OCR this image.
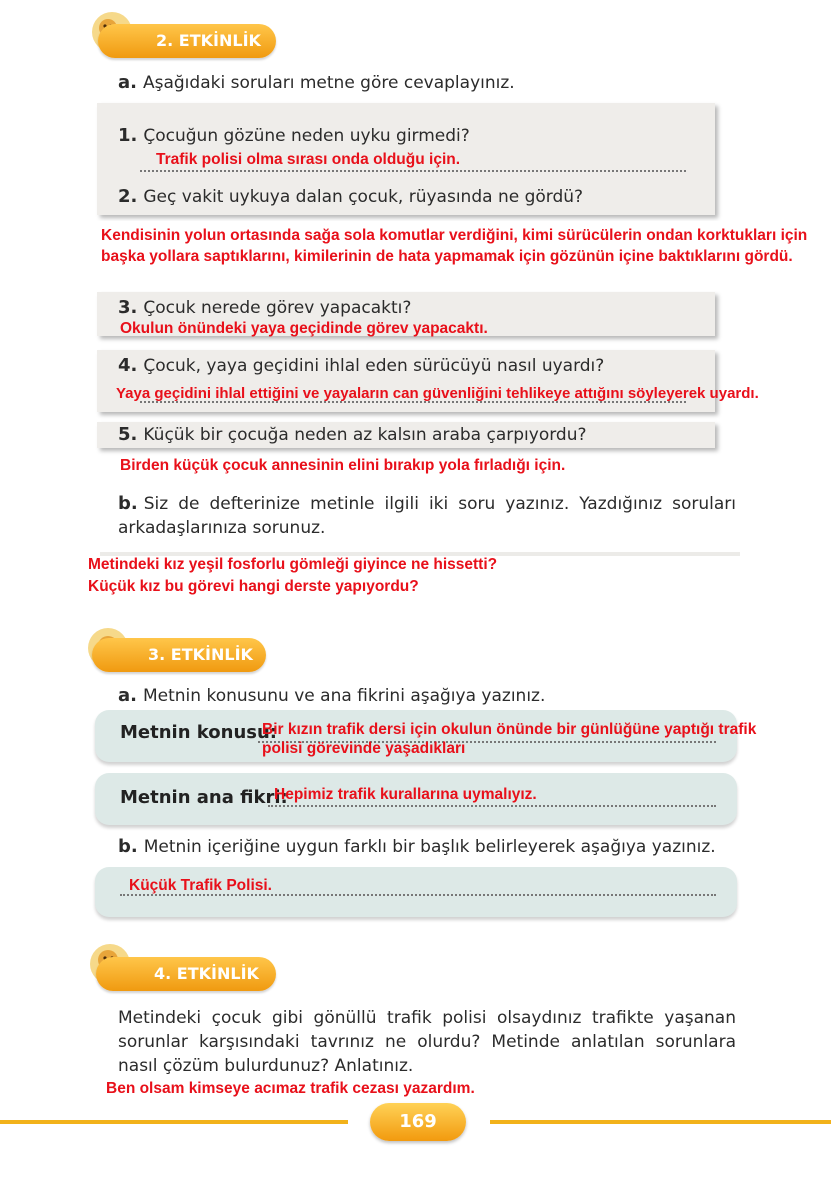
2. ETKİNLİK
a. Aşağıdaki soruları metne göre cevaplayınız.
1. Çocuğun gözüne neden uyku girmedi?
Trafik polisi olma sırası onda olduğu için.
2. Geç vakit uykuya dalan çocuk, rüyasında ne gördü?
Kendisinin yolun ortasında sağa sola komutlar verdiğini, kimi sürücülerin ondan korktukları için başka yollara saptıklarını, kimilerinin de hata yapmamak için gözünün içine baktıklarını gördü.
3. Çocuk nerede görev yapacaktı?
Okulun önündeki yaya geçidinde görev yapacaktı.
4. Çocuk, yaya geçidini ihlal eden sürücüyü nasıl uyardı?
Yaya geçidini ihlal ettiğini ve yayaların can güvenliğini tehlikeye attığını söyleyerek uyardı.
5. Küçük bir çocuğa neden az kalsın araba çarpıyordu?
Birden küçük çocuk annesinin elini bırakıp yola fırladığı için.
b. Siz de defterinize metinle ilgili iki soru yazınız. Yazdığınız soruları arkadaşlarınıza sorunuz.
Metindeki kız yeşil fosforlu gömleği giyince ne hissetti?
Küçük kız bu görevi hangi derste yapıyordu?
3. ETKİNLİK
a. Metnin konusunu ve ana fikrini aşağıya yazınız.
Metnin konusu:
Bir kızın trafik dersi için okulun önünde bir günlüğüne yaptığı trafik polisi görevinde yaşadıkları
Metnin ana fikri:
Hepimiz trafik kurallarına uymalıyız.
b. Metnin içeriğine uygun farklı bir başlık belirleyerek aşağıya yazınız.
Küçük Trafik Polisi.
4. ETKİNLİK
Metindeki çocuk gibi gönüllü trafik polisi olsaydınız trafikte yaşanan sorunlar karşısındaki tavrınız ne olurdu? Metinde anlatılan sorunlara nasıl çözüm bulurdunuz? Anlatınız.
Ben olsam kimseye acımaz trafik cezası yazardım.
169
